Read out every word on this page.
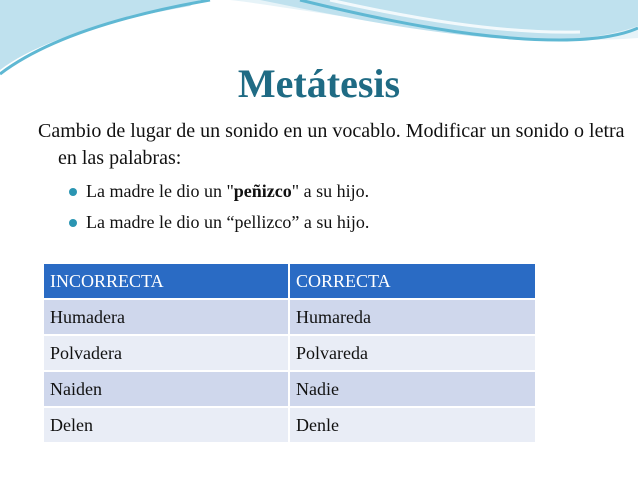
Metátesis
Cambio de lugar de un sonido en un vocablo. Modificar un sonido o letra en las palabras:
La madre le dio un "peñizco" a su hijo.
La madre le dio un “pellizco” a su hijo.
INCORRECTA	CORRECTA
Humadera	Humareda
Polvadera	Polvareda
Naiden	Nadie
Delen	Denle
